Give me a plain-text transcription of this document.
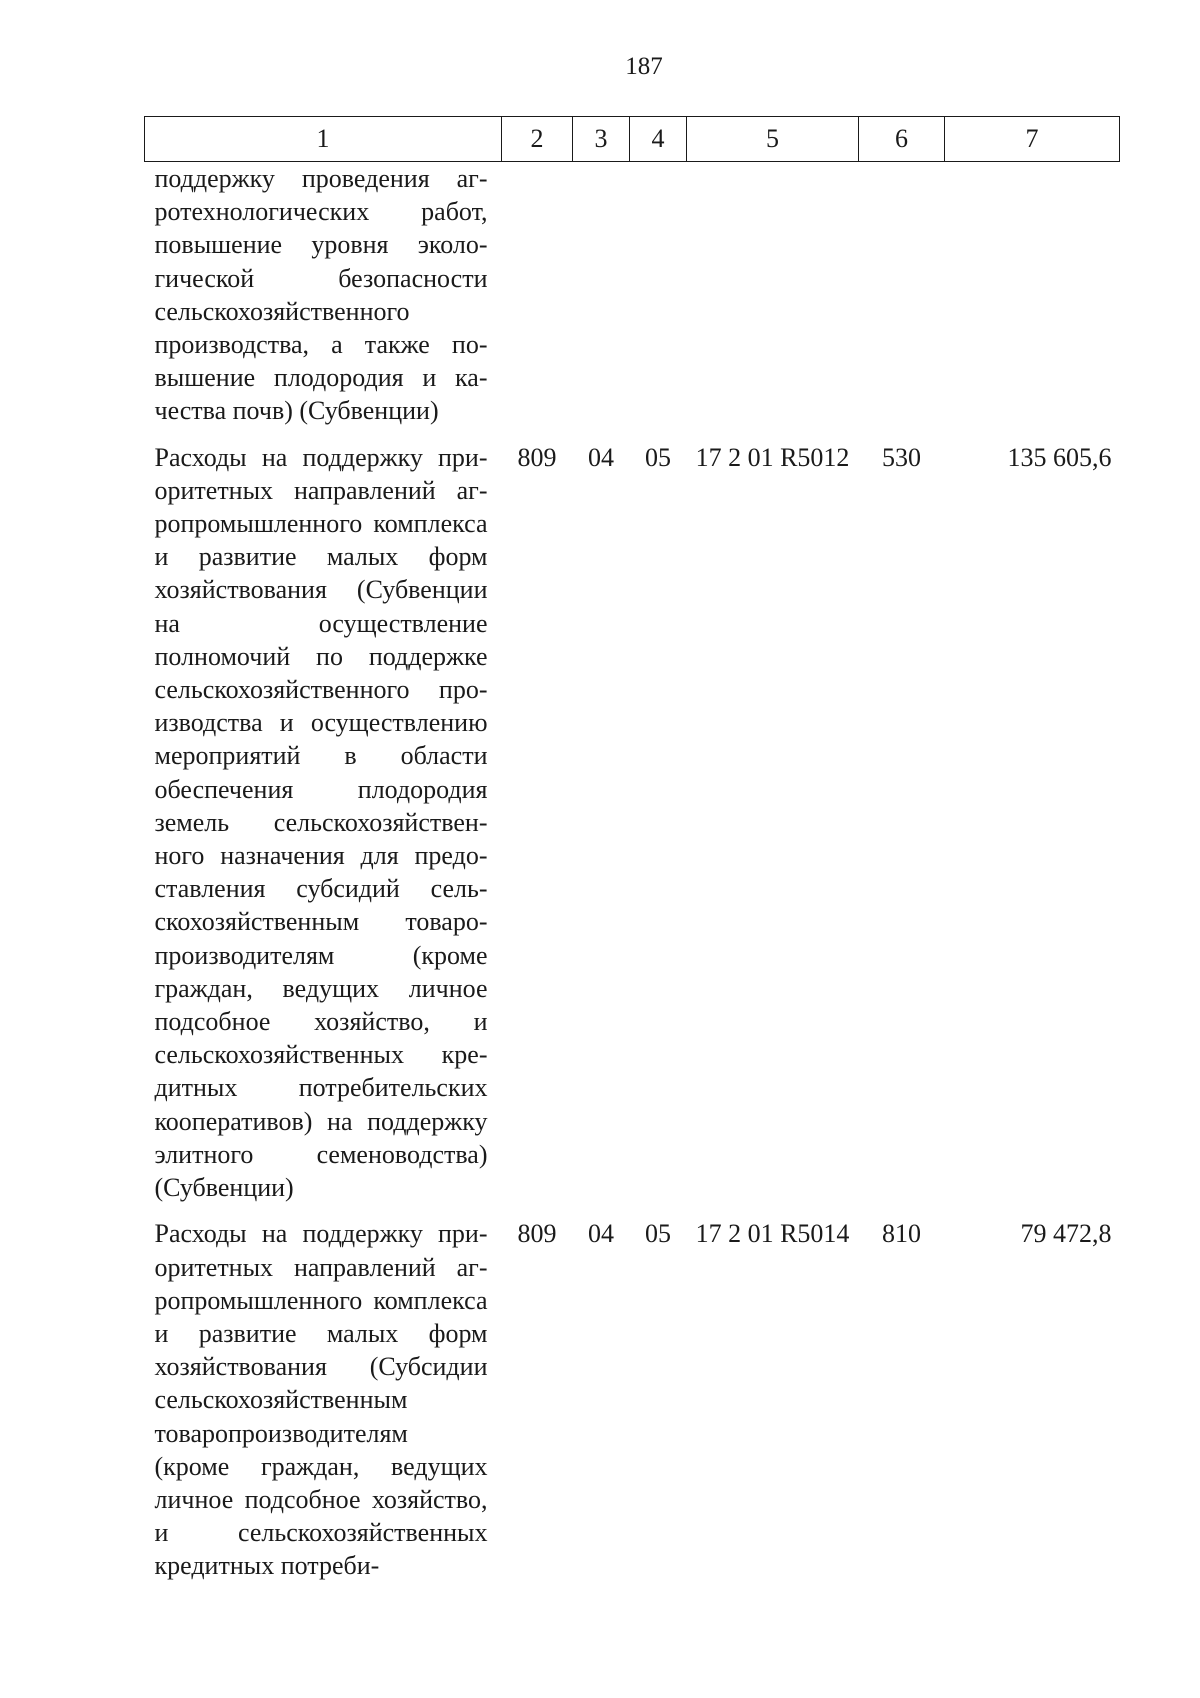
187
1	2	3	4	5	6	7
поддержку проведения агротехнологических работ, повышение уровня экологической безопасности сельскохозяйственного производства, а также повышение плодородия и качества почв) (Субвенции)						
Расходы на поддержку приоритетных направлений агропромышленного комплекса и развитие малых форм хозяйствования (Субвенции на осуществление полномочий по поддержке сельскохозяйственного производства и осуществлению мероприятий в области обеспечения плодородия земель сельскохозяйственного назначения для предоставления субсидий сельскохозяйственным товаропроизводителям (кроме граждан, ведущих личное подсобное хозяйство, и сельскохозяйственных кредитных потребительских кооперативов) на поддержку элитного семеноводства) (Субвенции)	809	04	05	17 2 01 R5012	530	135 605,6
Расходы на поддержку приоритетных направлений агропромышленного комплекса и развитие малых форм хозяйствования (Субсидии сельскохозяйственным товаропроизводителям (кроме граждан, ведущих личное подсобное хозяйство, и сельскохозяйственных кредитных потреби-	809	04	05	17 2 01 R5014	810	79 472,8
